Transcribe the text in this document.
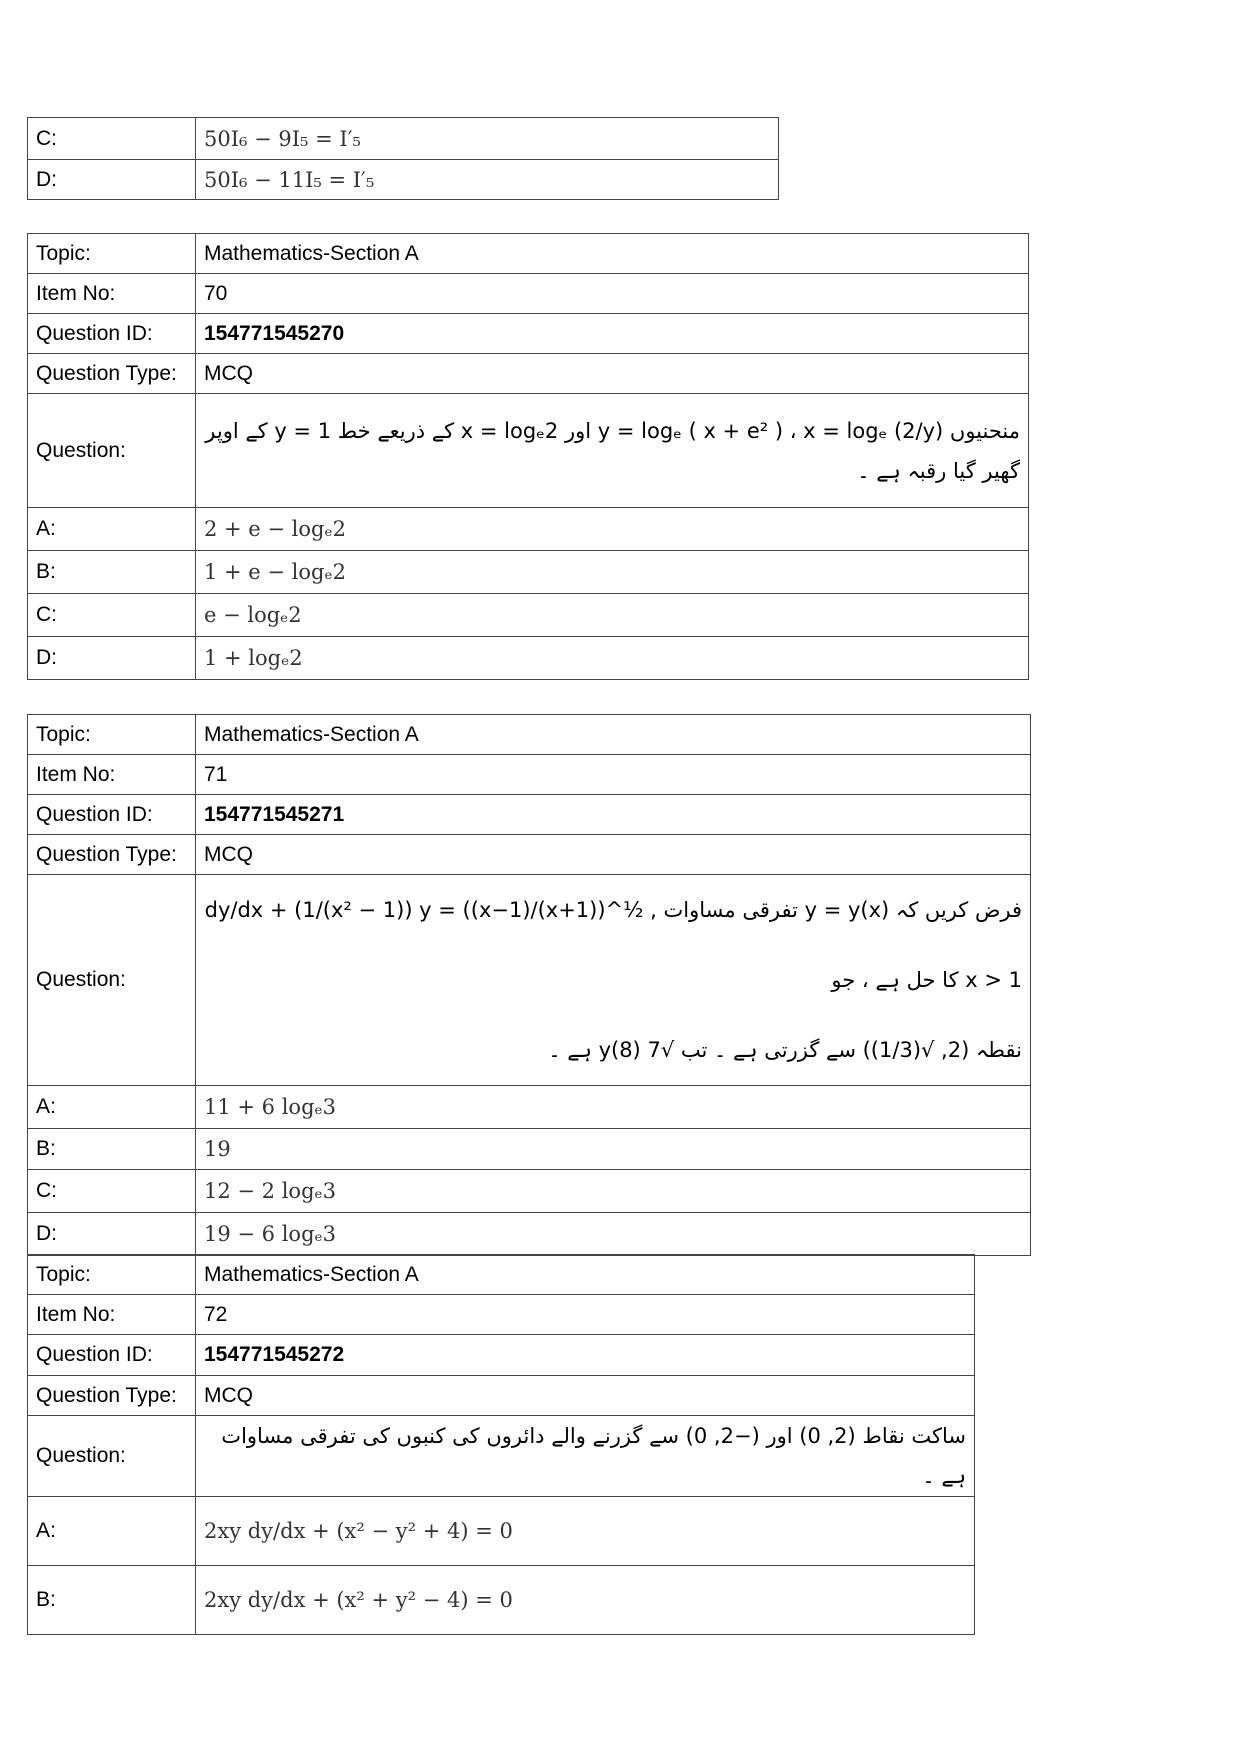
C:	50I₆ − 9I₅ = I′₅
D:	50I₆ − 11I₅ = I′₅
Topic:	Mathematics-Section A
Item No:	70
Question ID:	154771545270
Question Type:	MCQ
Question:	منحنیوں y = logₑ ( x + e² ) ، x = logₑ (2/y) اور x = logₑ2 کے ذریعے خط y = 1 کے اوپر
گھیر گیا رقبہ ہے ۔

A:	2 + e − logₑ2
B:	1 + e − logₑ2
C:	e − logₑ2
D:	1 + logₑ2
Topic:	Mathematics-Section A
Item No:	71
Question ID:	154771545271
Question Type:	MCQ
Question:	فرض کریں کہ y = y(x) تفرقی مساوات dy/dx + (1/(x² − 1)) y = ((x−1)/(x+1))^½ , x > 1 کا حل ہے ، جو
نقطہ (2, √(1/3)) سے گزرتی ہے ۔ تب √7 y(8) ہے ۔

A:	11 + 6 logₑ3
B:	19
C:	12 − 2 logₑ3
D:	19 − 6 logₑ3
Topic:	Mathematics-Section A
Item No:	72
Question ID:	154771545272
Question Type:	MCQ
Question:	ساکت نقاط (2, 0) اور (−2, 0) سے گزرنے والے دائروں کی کنبوں کی تفرقی مساوات ہے ۔

A:	2xy dy/dx + (x² − y² + 4) = 0
B:	2xy dy/dx + (x² + y² − 4) = 0
